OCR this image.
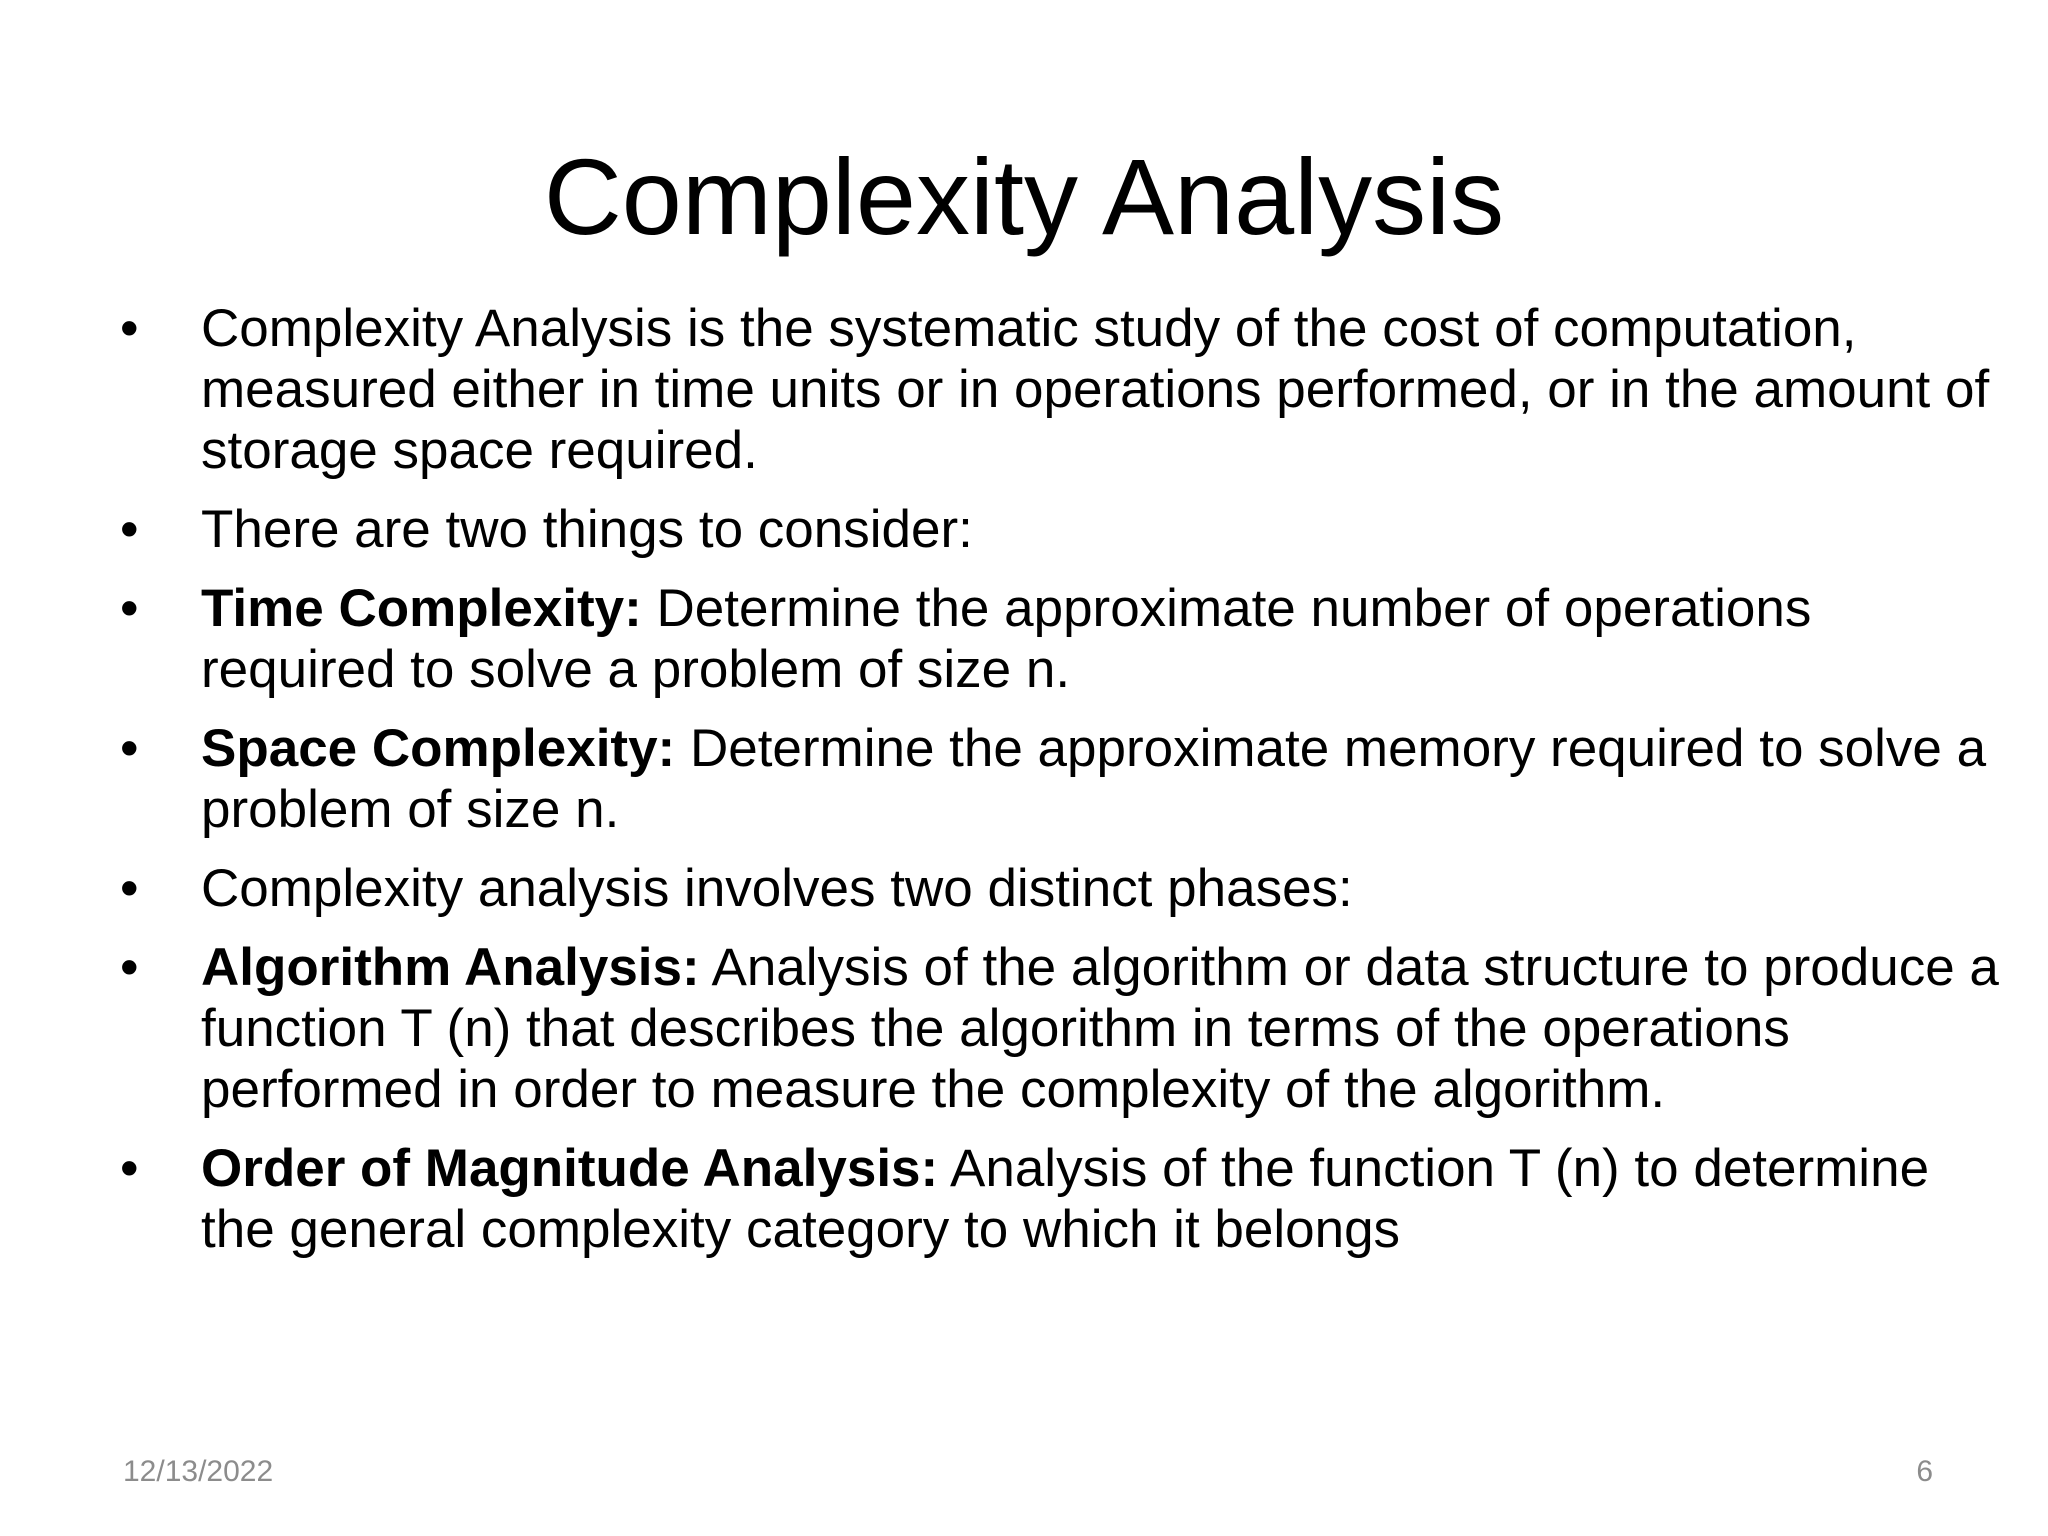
Complexity Analysis
•	Complexity Analysis is the systematic study of the cost of computation, measured either in time units or in operations performed, or in the amount of storage space required.
•	There are two things to consider:
•	Time Complexity: Determine the approximate number of operations required to solve a problem of size n.
•	Space Complexity: Determine the approximate memory required to solve a problem of size n.
•	Complexity analysis involves two distinct phases:
•	Algorithm Analysis: Analysis of the algorithm or data structure to produce a function T (n) that describes the algorithm in terms of the operations performed in order to measure the complexity of the algorithm.
•	Order of Magnitude Analysis: Analysis of the function T (n) to determine the general complexity category to which it belongs
12/13/2022	6
